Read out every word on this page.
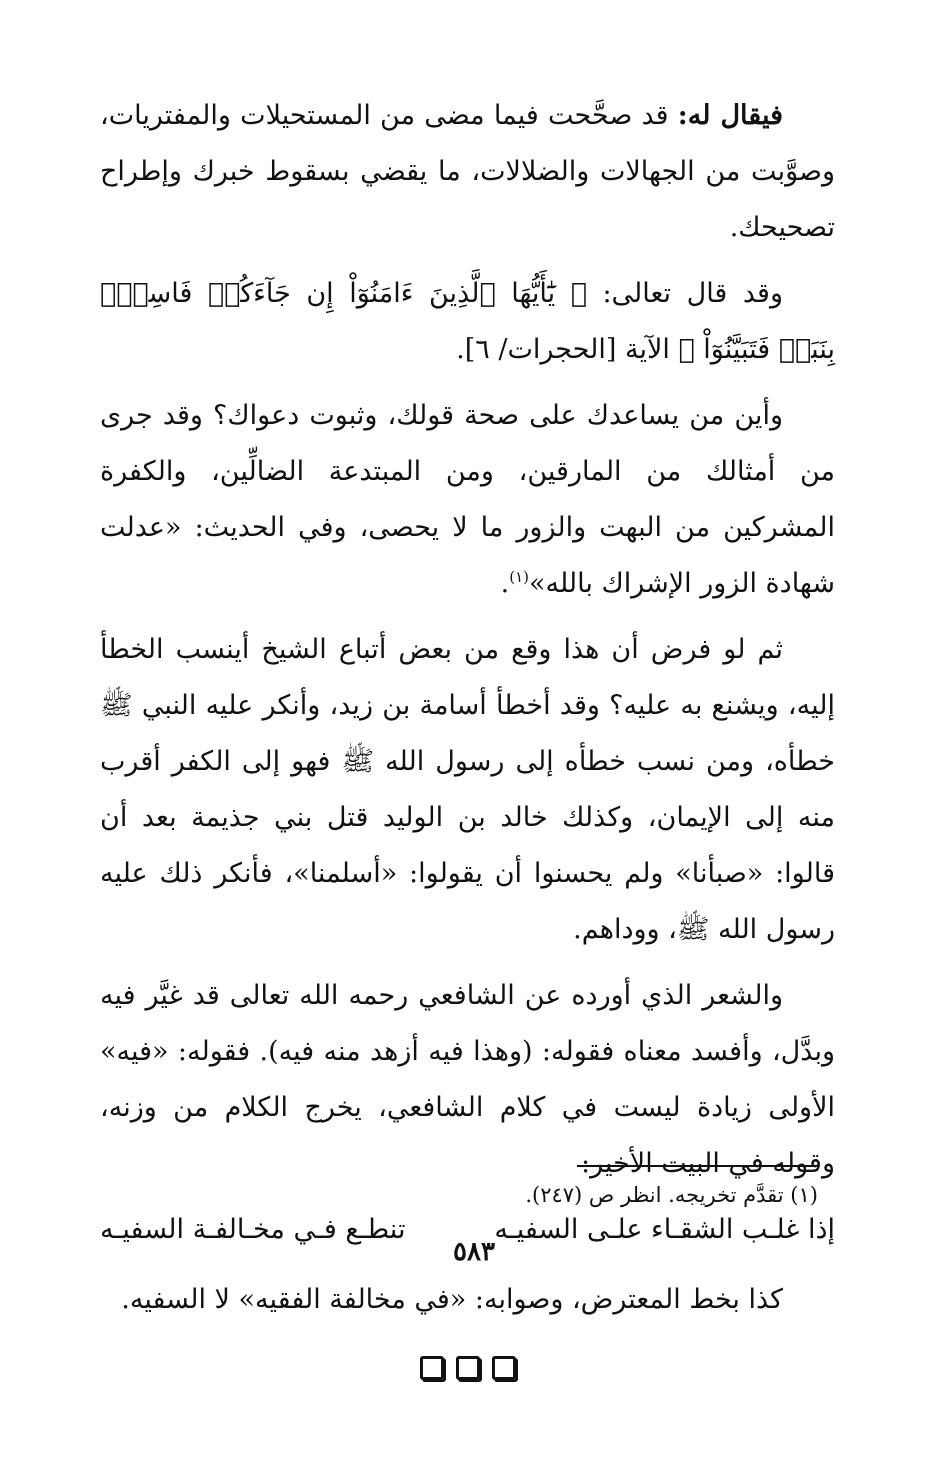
فيقال له: قد صحَّحت فيما مضى من المستحيلات والمفتريات، وصوَّبت من الجهالات والضلالات، ما يقضي بسقوط خبرك وإطراح تصحيحك.

وقد قال تعالى: ﴿ يَٰٓأَيُّهَا ٱلَّذِينَ ءَامَنُوٓاْ إِن جَآءَكُمۡ فَاسِقُۢ بِنَبَإٖ فَتَبَيَّنُوٓاْ ﴾ الآية [الحجرات/ ٦].

وأين من يساعدك على صحة قولك، وثبوت دعواك؟ وقد جرى من أمثالك من المارقين، ومن المبتدعة الضالِّين، والكفرة المشركين من البهت والزور ما لا يحصى، وفي الحديث: «عدلت شهادة الزور الإشراك بالله»$^{(١)}$.

ثم لو فرض أن هذا وقع من بعض أتباع الشيخ أينسب الخطأ إليه، ويشنع به عليه؟ وقد أخطأ أسامة بن زيد، وأنكر عليه النبي ﷺ خطأه، ومن نسب خطأه إلى رسول الله ﷺ فهو إلى الكفر أقرب منه إلى الإيمان، وكذلك خالد بن الوليد قتل بني جذيمة بعد أن قالوا: «صبأنا» ولم يحسنوا أن يقولوا: «أسلمنا»، فأنكر ذلك عليه رسول الله ﷺ، ووداهم.

والشعر الذي أورده عن الشافعي رحمه الله تعالى قد غيَّر فيه وبدَّل، وأفسد معناه فقوله: (وهذا فيه أزهد منه فيه). فقوله: «فيه» الأولى زيادة ليست في كلام الشافعي، يخرج الكلام من وزنه، وقوله في البيت الأخير:

إذا غلـب الشقـاء علـى السفيـه
تنطـع فـي مخـالفـة السفيـه

كذا بخط المعترض، وصوابه: «في مخالفة الفقيه» لا السفيه.

(١) تقدَّم تخريجه. انظر ص (٢٤٧).
٥٨٣
